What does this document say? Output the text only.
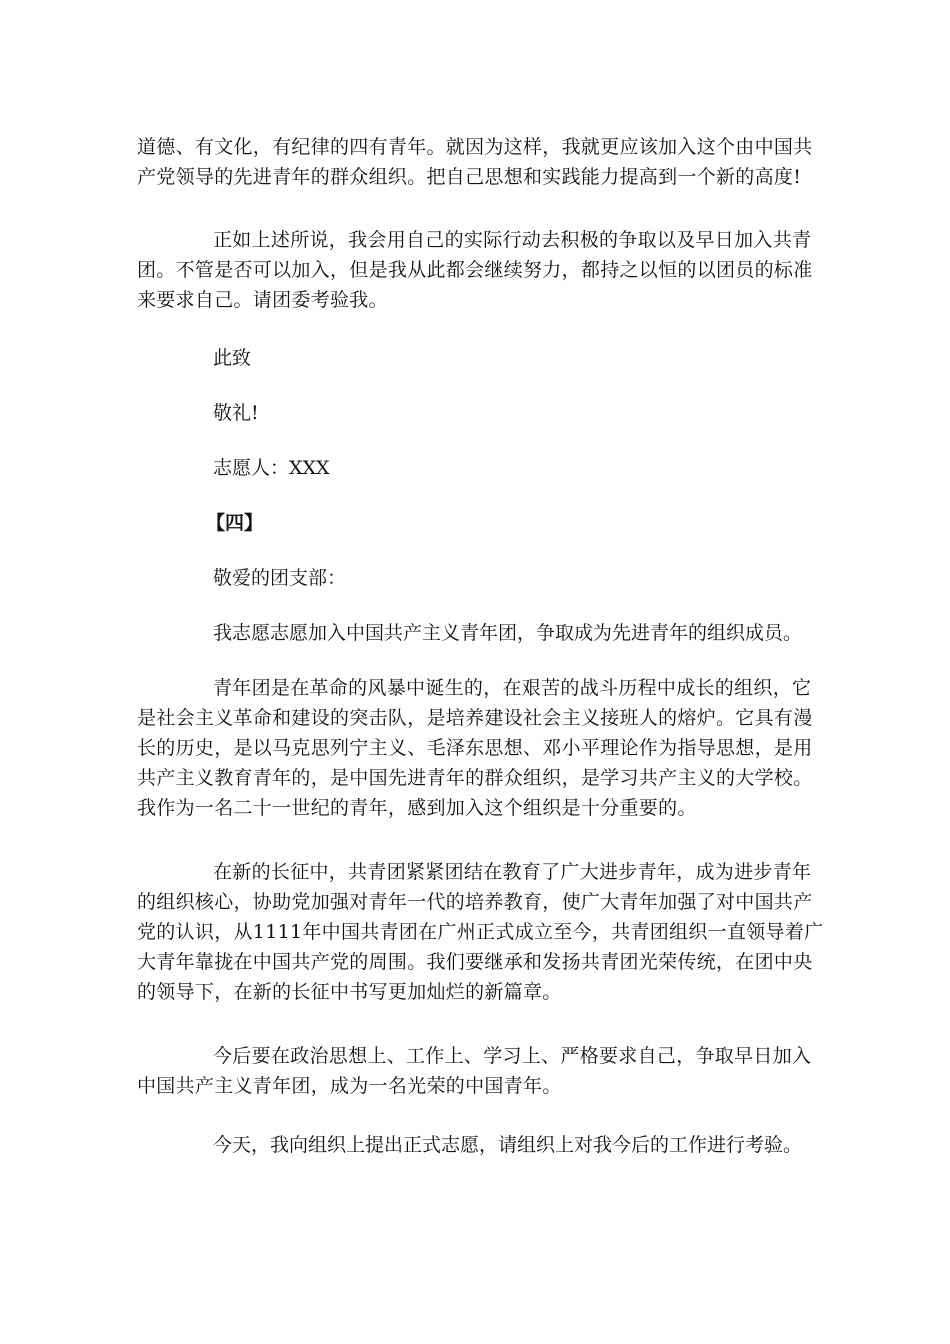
道德、有文化，有纪律的四有青年。就因为这样，我就更应该加入这个由中国共
产党领导的先进青年的群众组织。把自己思想和实践能力提高到一个新的高度!

正如上述所说，我会用自己的实际行动去积极的争取以及早日加入共青
团。不管是否可以加入，但是我从此都会继续努力，都持之以恒的以团员的标准
来要求自己。请团委考验我。

此致

敬礼!

志愿人：XXX

【四】

敬爱的团支部：

我志愿志愿加入中国共产主义青年团，争取成为先进青年的组织成员。

青年团是在革命的风暴中诞生的，在艰苦的战斗历程中成长的组织，它
是社会主义革命和建设的突击队，是培养建设社会主义接班人的熔炉。它具有漫
长的历史，是以马克思列宁主义、毛泽东思想、邓小平理论作为指导思想，是用
共产主义教育青年的，是中国先进青年的群众组织，是学习共产主义的大学校。
我作为一名二十一世纪的青年，感到加入这个组织是十分重要的。

在新的长征中，共青团紧紧团结在教育了广大进步青年，成为进步青年
的组织核心，协助党加强对青年一代的培养教育，使广大青年加强了对中国共产
党的认识，从1111年中国共青团在广州正式成立至今，共青团组织一直领导着广
大青年靠拢在中国共产党的周围。我们要继承和发扬共青团光荣传统，在团中央
的领导下，在新的长征中书写更加灿烂的新篇章。

今后要在政治思想上、工作上、学习上、严格要求自己，争取早日加入
中国共产主义青年团，成为一名光荣的中国青年。

今天，我向组织上提出正式志愿，请组织上对我今后的工作进行考验。
